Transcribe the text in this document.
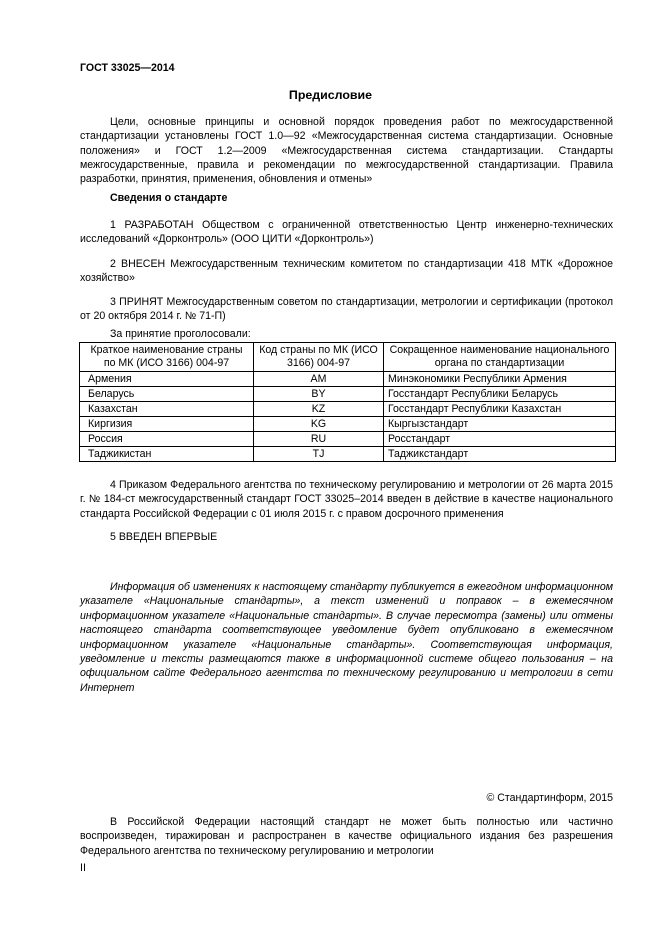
ГОСТ 33025—2014
Предисловие

Цели, основные принципы и основной порядок проведения работ по межгосударственной стандартизации установлены ГОСТ 1.0—92 «Межгосударственная система стандартизации. Основные положения» и ГОСТ 1.2—2009 «Межгосударственная система стандартизации. Стандарты межгосударственные, правила и рекомендации по межгосударственной стандартизации. Правила разработки, принятия, применения, обновления и отмены»

Сведения о стандарте

1 РАЗРАБОТАН Обществом с ограниченной ответственностью Центр инженерно-технических исследований «Дорконтроль» (ООО ЦИТИ «Дорконтроль»)

2 ВНЕСЕН Межгосударственным техническим комитетом по стандартизации 418 МТК «Дорожное хозяйство»

3 ПРИНЯТ Межгосударственным советом по стандартизации, метрологии и сертификации (протокол от 20 октября 2014 г. № 71-П)

За принятие проголосовали:
Краткое наименование страны по МК (ИСО 3166) 004-97	Код страны по МК (ИСО 3166) 004-97	Сокращенное наименование национального органа по стандартизации
Армения	AM	Минэкономики Республики Армения
Беларусь	BY	Госстандарт Республики Беларусь
Казахстан	KZ	Госстандарт Республики Казахстан
Киргизия	KG	Кыргызстандарт
Россия	RU	Росстандарт
Таджикистан	TJ	Таджикстандарт

4 Приказом Федерального агентства по техническому регулированию и метрологии от 26 марта 2015 г. № 184-ст межгосударственный стандарт ГОСТ 33025–2014 введен в действие в качестве национального стандарта Российской Федерации с 01 июля 2015 г. с правом досрочного применения

5 ВВЕДЕН ВПЕРВЫЕ

Информация об изменениях к настоящему стандарту публикуется в ежегодном информационном указателе «Национальные стандарты», а текст изменений и поправок – в ежемесячном информационном указателе «Национальные стандарты». В случае пересмотра (замены) или отмены настоящего стандарта соответствующее уведомление будет опубликовано в ежемесячном информационном указателе «Национальные стандарты». Соответствующая информация, уведомление и тексты размещаются также в информационной системе общего пользования – на официальном сайте Федерального агентства по техническому регулированию и метрологии в сети Интернет

© Стандартинформ, 2015

В Российской Федерации настоящий стандарт не может быть полностью или частично воспроизведен, тиражирован и распространен в качестве официального издания без разрешения Федерального агентства по техническому регулированию и метрологии

II
